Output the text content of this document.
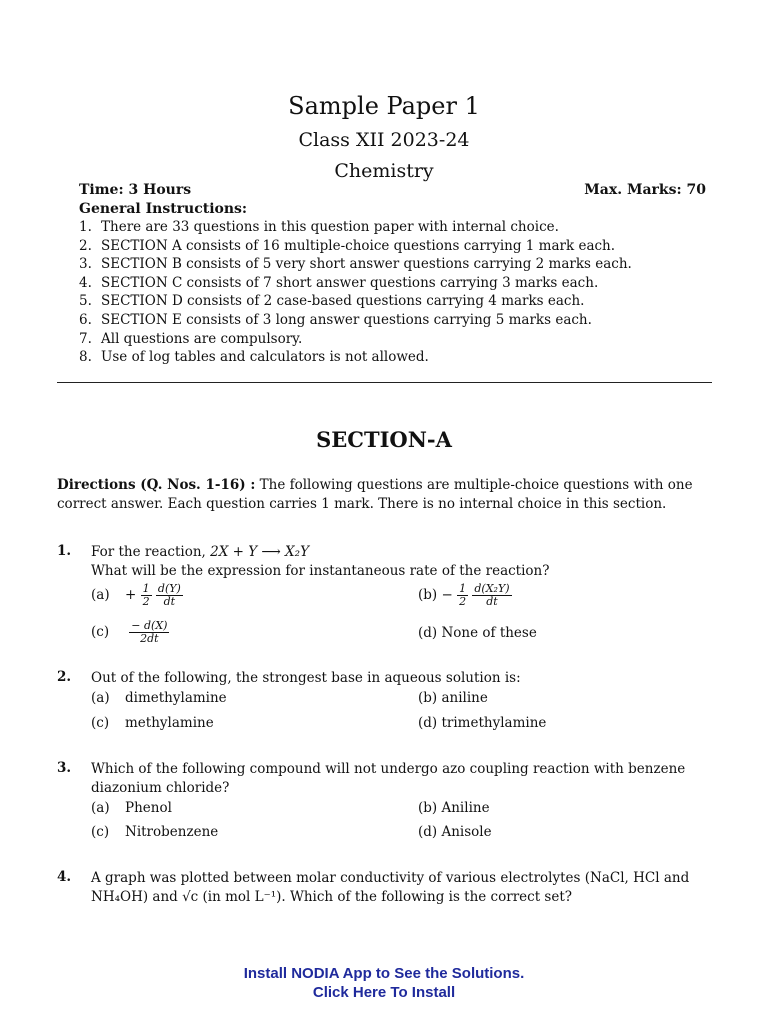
Sample Paper 1
Class XII 2023-24
Chemistry
Time: 3 Hours	Max. Marks: 70
General Instructions:
1. There are 33 questions in this question paper with internal choice.
2. SECTION A consists of 16 multiple-choice questions carrying 1 mark each.
3. SECTION B consists of 5 very short answer questions carrying 2 marks each.
4. SECTION C consists of 7 short answer questions carrying 3 marks each.
5. SECTION D consists of 2 case-based questions carrying 4 marks each.
6. SECTION E consists of 3 long answer questions carrying 5 marks each.
7. All questions are compulsory.
8. Use of log tables and calculators is not allowed.
SECTION-A
Directions (Q. Nos. 1-16) : The following questions are multiple-choice questions with one correct answer. Each question carries 1 mark. There is no internal choice in this section.
1. For the reaction, 2X + Y ⟶ X₂Y
What will be the expression for instantaneous rate of the reaction?
$(a) + \frac{1}{2}$
$\frac{d(Y)}{dt}$	$(b) - \frac{1}{2}$
$\frac{\text{d(X₂Y)}}{dt}$
$(c) \frac{- d(X)}{2dt}$	(d) None of these
2. Out of the following, the strongest base in aqueous solution is:
(a) dimethylamine	(b) aniline
(c) methylamine	(d) trimethylamine
3. Which of the following compound will not undergo azo coupling reaction with benzene diazonium chloride?
(a) Phenol	(b) Aniline
(c) Nitrobenzene	(d) Anisole
4. A graph was plotted between molar conductivity of various electrolytes (NaCl, HCl and NH₄OH) and √c (in mol L⁻¹). Which of the following is the correct set?
Install NODIA App to See the Solutions.
Click Here To Install
